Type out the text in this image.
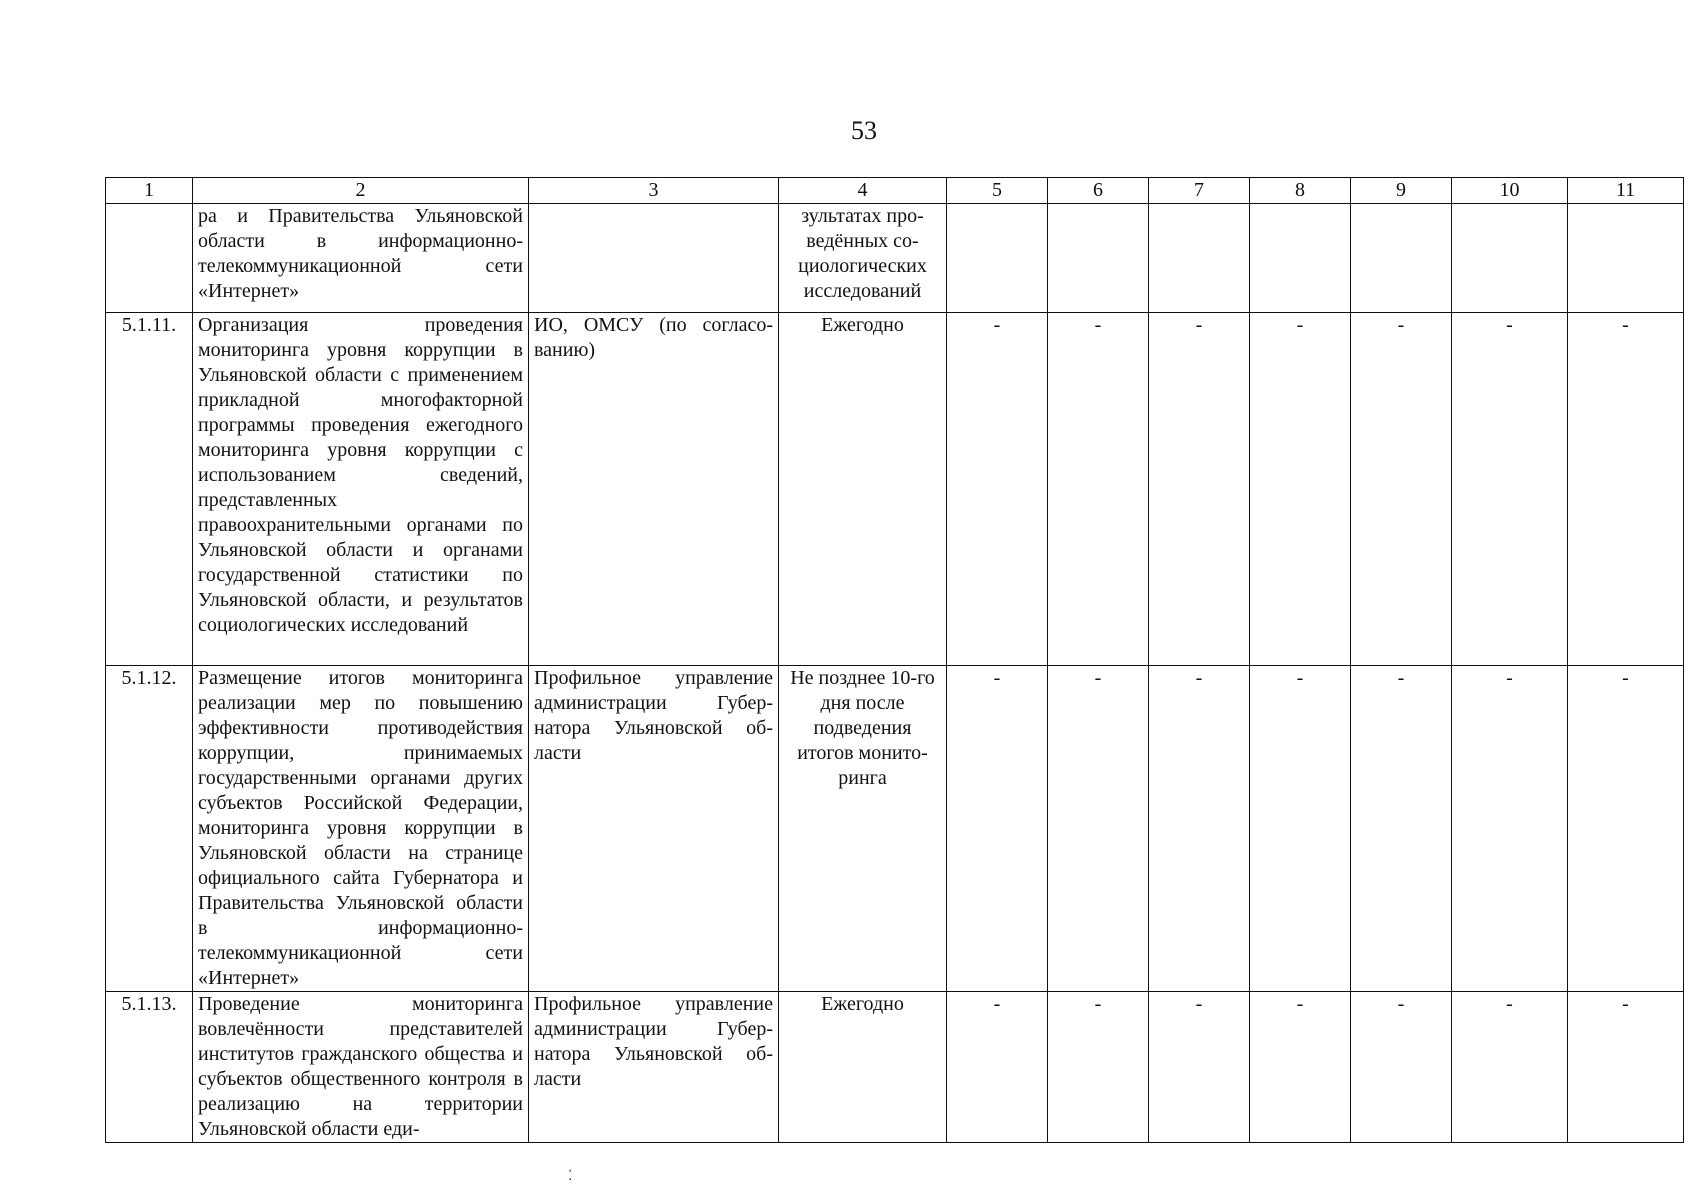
53
1	2	3	4	5	6	7	8	9	10	11
	ра и Правительства Ульяновской области в информационно-телекоммуникационной сети «Интернет»		зультатах проведённых социологических исследований							
5.1.11.	Организация проведения мониторинга уровня коррупции в Ульяновской области с применением прикладной многофакторной программы проведения ежегодного мониторинга уровня коррупции с использованием сведений, представленных правоохранительными органами по Ульяновской области и органами государственной статистики по Ульяновской области, и результатов социологических исследований	ИО, ОМСУ (по согласованию)	Ежегодно	-	-	-	-	-	-	-
5.1.12.	Размещение итогов мониторинга реализации мер по повышению эффективности противодействия коррупции, принимаемых государственными органами других субъектов Российской Федерации, мониторинга уровня коррупции в Ульяновской области на странице официального сайта Губернатора и Правительства Ульяновской области в информационно-телекоммуникационной сети «Интернет»	Профильное управление администрации Губернатора Ульяновской области	Не позднее 10-го дня после подведения итогов мониторинга	-	-	-	-	-	-	-
5.1.13.	Проведение мониторинга вовлечённости представителей институтов гражданского общества и субъектов общественного контроля в реализацию на территории Ульяновской области еди-	Профильное управление администрации Губернатора Ульяновской области	Ежегодно	-	-	-	-	-	-	-
⁚
